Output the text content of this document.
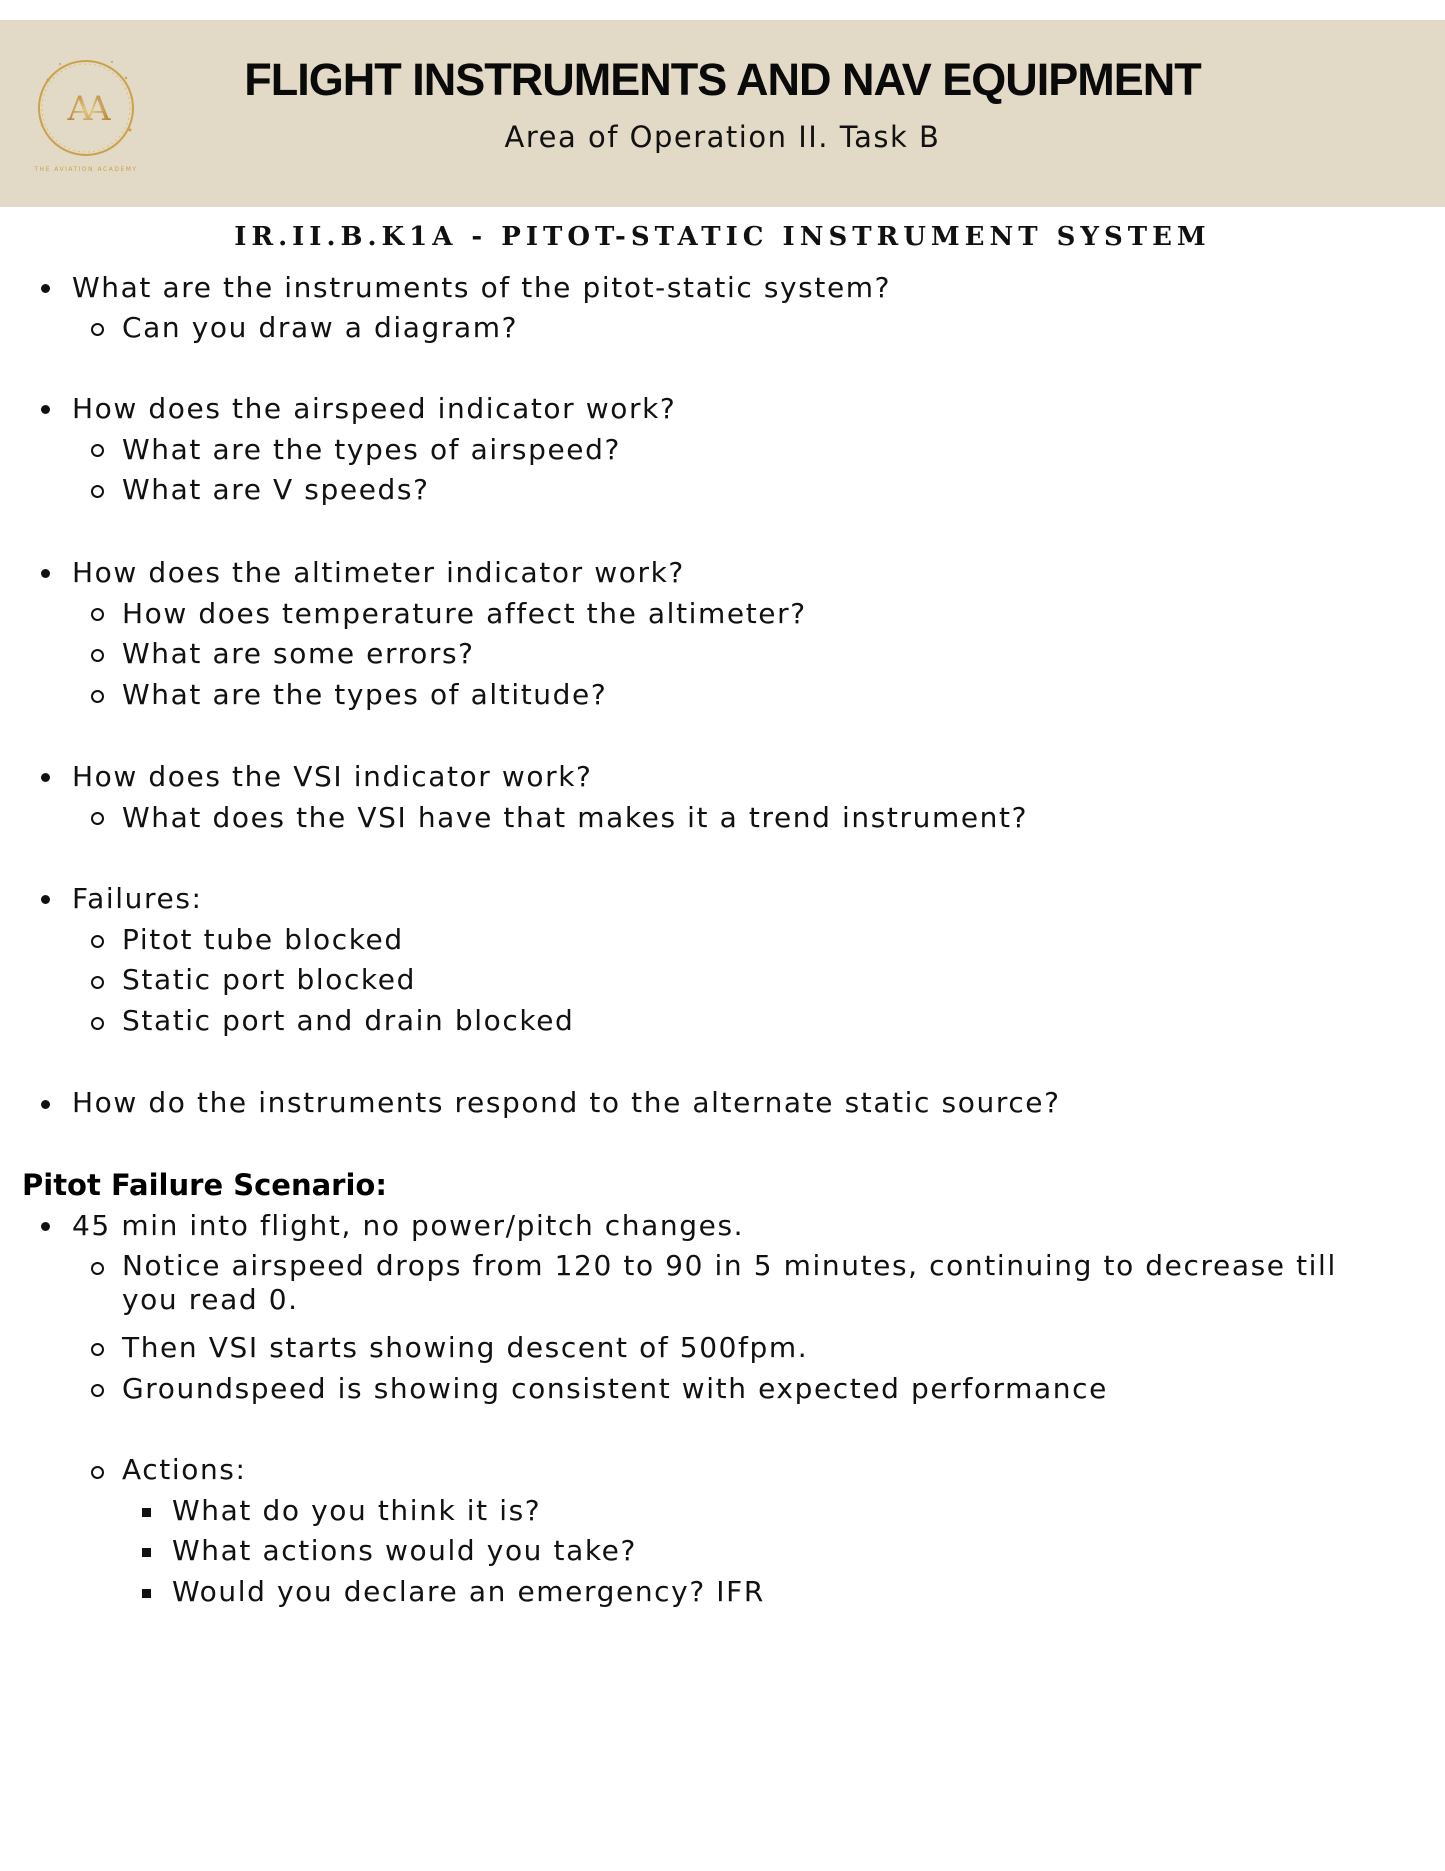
AA
THE AVIATION ACADEMY
FLIGHT INSTRUMENTS AND NAV EQUIPMENT
Area of Operation II. Task B
IR.II.B.K1A - PITOT-STATIC INSTRUMENT SYSTEM
What are the instruments of the pitot-static system?
Can you draw a diagram?
How does the airspeed indicator work?
What are the types of airspeed?
What are V speeds?
How does the altimeter indicator work?
How does temperature affect the altimeter?
What are some errors?
What are the types of altitude?
How does the VSI indicator work?
What does the VSI have that makes it a trend instrument?
Failures:
Pitot tube blocked
Static port blocked
Static port and drain blocked
How do the instruments respond to the alternate static source?
Pitot Failure Scenario:
45 min into flight, no power/pitch changes.
Notice airspeed drops from 120 to 90 in 5 minutes, continuing to decrease till
you read 0.
Then VSI starts showing descent of 500fpm.
Groundspeed is showing consistent with expected performance
Actions:
What do you think it is?
What actions would you take?
Would you declare an emergency? IFR
